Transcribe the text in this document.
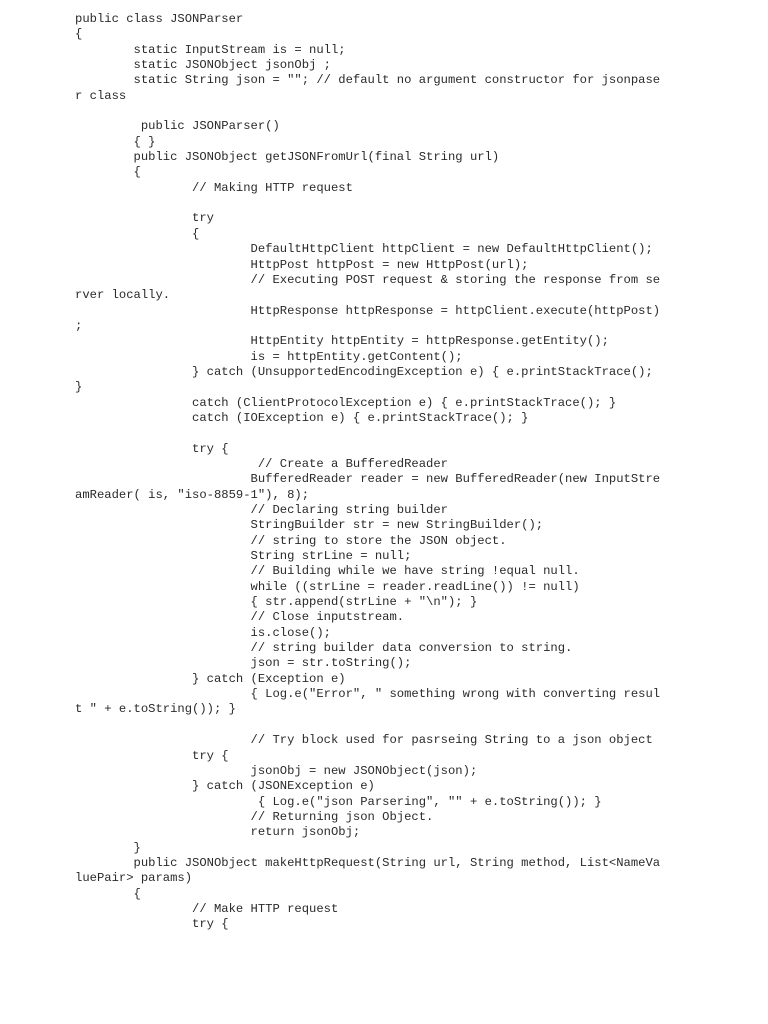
public class JSONParser
{
static InputStream is = null;
static JSONObject jsonObj ;
static String json = ""; // default no argument constructor for jsonpase
r class
public JSONParser()
{ }
public JSONObject getJSONFromUrl(final String url)
{
// Making HTTP request
try
{
DefaultHttpClient httpClient = new DefaultHttpClient();
HttpPost httpPost = new HttpPost(url);
// Executing POST request & storing the response from se
rver locally.
HttpResponse httpResponse = httpClient.execute(httpPost)
;
HttpEntity httpEntity = httpResponse.getEntity();
is = httpEntity.getContent();
} catch (UnsupportedEncodingException e) { e.printStackTrace();
}
catch (ClientProtocolException e) { e.printStackTrace(); }
catch (IOException e) { e.printStackTrace(); }
try {
// Create a BufferedReader
BufferedReader reader = new BufferedReader(new InputStre
amReader( is, "iso-8859-1"), 8);
// Declaring string builder
StringBuilder str = new StringBuilder();
// string to store the JSON object.
String strLine = null;
// Building while we have string !equal null.
while ((strLine = reader.readLine()) != null)
{ str.append(strLine + "\n"); }
// Close inputstream.
is.close();
// string builder data conversion to string.
json = str.toString();
} catch (Exception e)
{ Log.e("Error", " something wrong with converting resul
t " + e.toString()); }
// Try block used for pasrseing String to a json object
try {
jsonObj = new JSONObject(json);
} catch (JSONException e)
{ Log.e("json Parsering", "" + e.toString()); }
// Returning json Object.
return jsonObj;
}
public JSONObject makeHttpRequest(String url, String method, List<NameVa
luePair> params)
{
// Make HTTP request
try {
